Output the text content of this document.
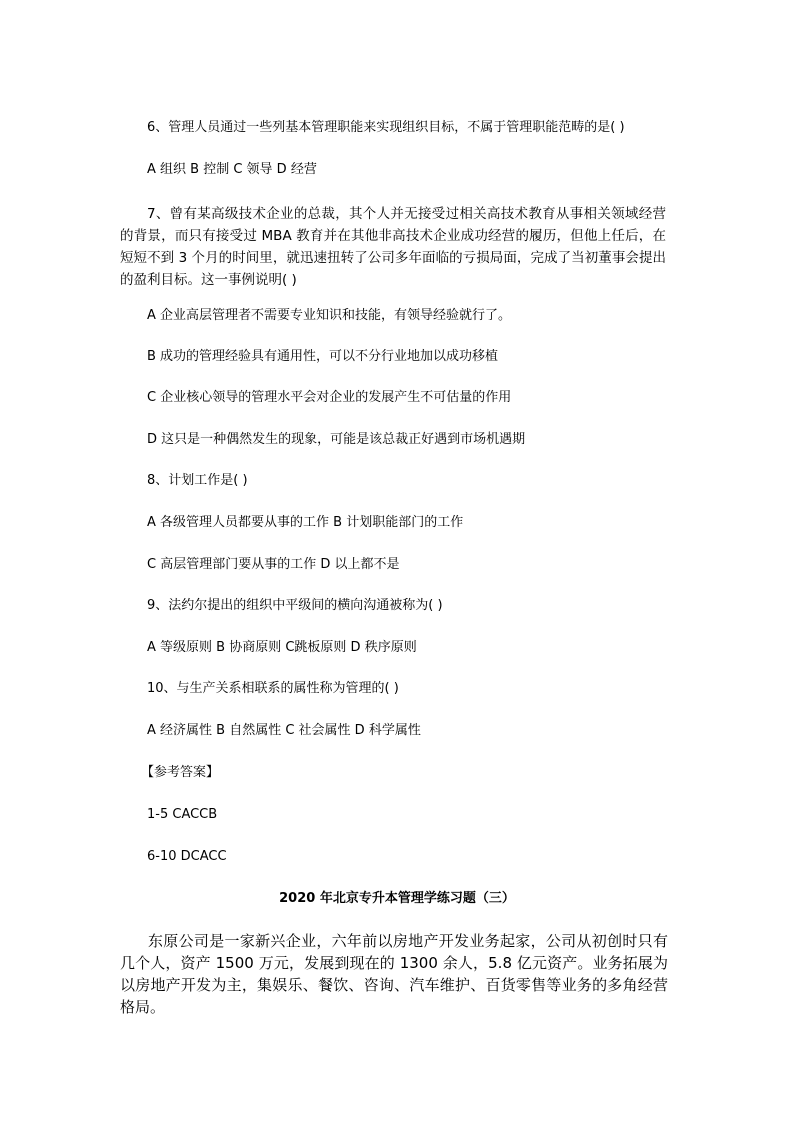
6、管理人员通过一些列基本管理职能来实现组织目标，不属于管理职能范畴的是( )

A 组织 B 控制 C 领导 D 经营

7、曾有某高级技术企业的总裁，其个人并无接受过相关高技术教育从事相关领域经营的背景，而只有接受过 MBA 教育并在其他非高技术企业成功经营的履历，但他上任后，在短短不到 3 个月的时间里，就迅速扭转了公司多年面临的亏损局面，完成了当初董事会提出的盈利目标。这一事例说明( )

A 企业高层管理者不需要专业知识和技能，有领导经验就行了。

B 成功的管理经验具有通用性，可以不分行业地加以成功移植

C 企业核心领导的管理水平会对企业的发展产生不可估量的作用

D 这只是一种偶然发生的现象，可能是该总裁正好遇到市场机遇期

8、计划工作是( )

A 各级管理人员都要从事的工作 B 计划职能部门的工作

C 高层管理部门要从事的工作 D 以上都不是

9、法约尔提出的组织中平级间的横向沟通被称为( )

A 等级原则 B 协商原则 C跳板原则 D 秩序原则

10、与生产关系相联系的属性称为管理的( )

A 经济属性 B 自然属性 C 社会属性 D 科学属性

【参考答案】

1-5 CACCB

6-10 DCACC

2020 年北京专升本管理学练习题（三）

东原公司是一家新兴企业，六年前以房地产开发业务起家，公司从初创时只有几个人，资产 1500 万元，发展到现在的 1300 余人，5.8 亿元资产。业务拓展为以房地产开发为主，集娱乐、餐饮、咨询、汽车维护、百货零售等业务的多角经营格局。
